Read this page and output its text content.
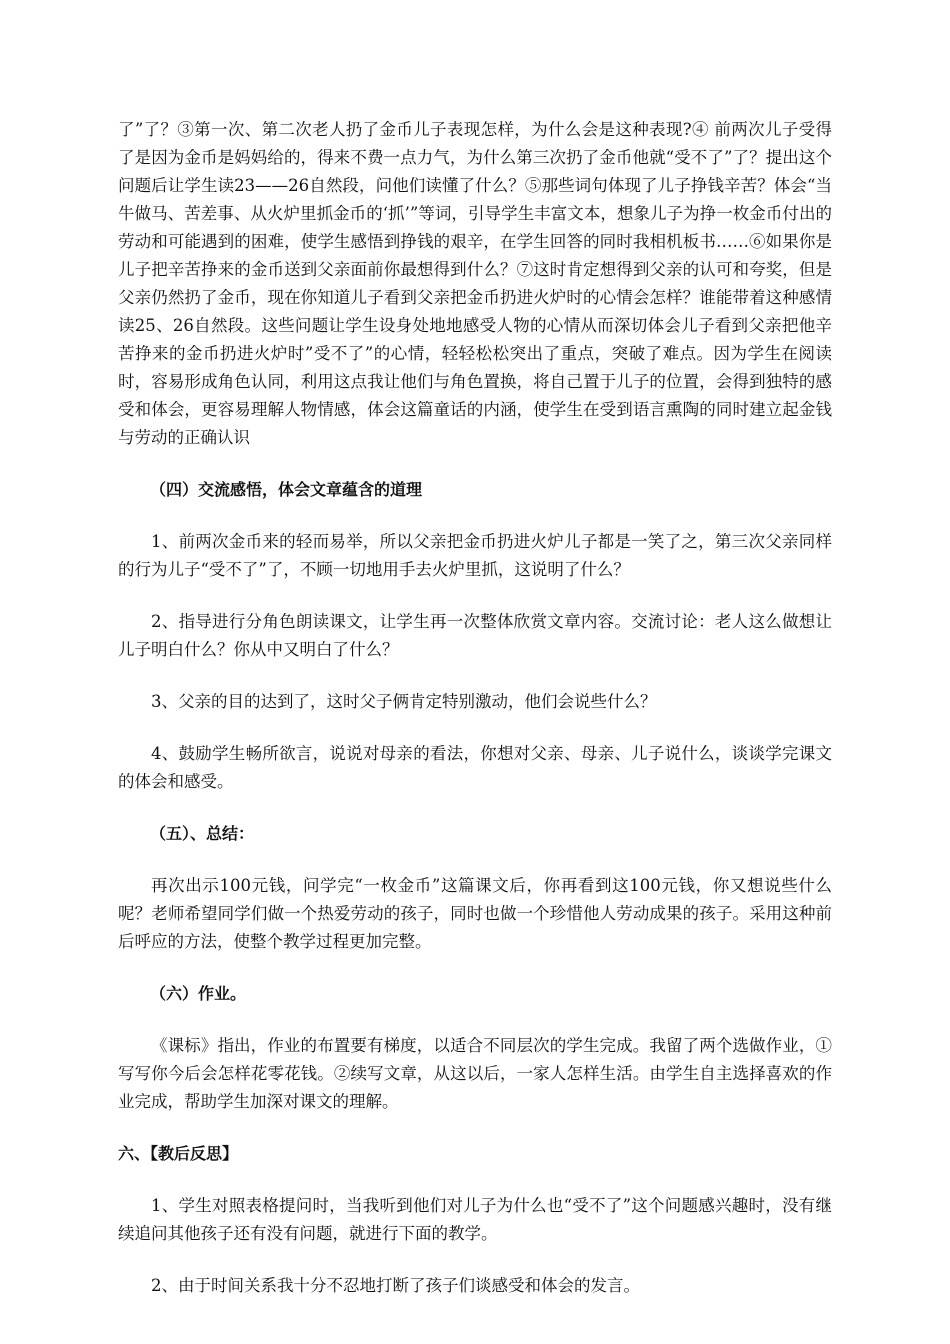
了”了？③第一次、第二次老人扔了金币儿子表现怎样，为什么会是这种表现?④ 前两次儿子受得了是因为金币是妈妈给的，得来不费一点力气，为什么第三次扔了金币他就“受不了”了？提出这个问题后让学生读23——26自然段，问他们读懂了什么？⑤那些词句体现了儿子挣钱辛苦？体会“当牛做马、苦差事、从火炉里抓金币的‘抓’”等词，引导学生丰富文本，想象儿子为挣一枚金币付出的劳动和可能遇到的困难，使学生感悟到挣钱的艰辛，在学生回答的同时我相机板书……⑥如果你是儿子把辛苦挣来的金币送到父亲面前你最想得到什么？⑦这时肯定想得到父亲的认可和夸奖，但是父亲仍然扔了金币，现在你知道儿子看到父亲把金币扔进火炉时的心情会怎样？谁能带着这种感情读25、26自然段。这些问题让学生设身处地地感受人物的心情从而深切体会儿子看到父亲把他辛苦挣来的金币扔进火炉时”受不了”的心情，轻轻松松突出了重点，突破了难点。因为学生在阅读时，容易形成角色认同，利用这点我让他们与角色置换，将自己置于儿子的位置，会得到独特的感受和体会，更容易理解人物情感，体会这篇童话的内涵，使学生在受到语言熏陶的同时建立起金钱与劳动的正确认识

（四）交流感悟，体会文章蕴含的道理

1、前两次金币来的轻而易举，所以父亲把金币扔进火炉儿子都是一笑了之，第三次父亲同样的行为儿子“受不了”了，不顾一切地用手去火炉里抓，这说明了什么？

2、指导进行分角色朗读课文，让学生再一次整体欣赏文章内容。交流讨论：老人这么做想让儿子明白什么？你从中又明白了什么？

3、父亲的目的达到了，这时父子俩肯定特别激动，他们会说些什么？

4、鼓励学生畅所欲言，说说对母亲的看法，你想对父亲、母亲、儿子说什么，谈谈学完课文的体会和感受。

（五）、总结：

再次出示100元钱，问学完“一枚金币”这篇课文后，你再看到这100元钱，你又想说些什么呢？老师希望同学们做一个热爱劳动的孩子，同时也做一个珍惜他人劳动成果的孩子。采用这种前后呼应的方法，使整个教学过程更加完整。

（六）作业。

《课标》指出，作业的布置要有梯度，以适合不同层次的学生完成。我留了两个选做作业，①写写你今后会怎样花零花钱。②续写文章，从这以后，一家人怎样生活。由学生自主选择喜欢的作业完成，帮助学生加深对课文的理解。

六、【教后反思】

1、学生对照表格提问时，当我听到他们对儿子为什么也“受不了”这个问题感兴趣时，没有继续追问其他孩子还有没有问题，就进行下面的教学。

2、由于时间关系我十分不忍地打断了孩子们谈感受和体会的发言。
